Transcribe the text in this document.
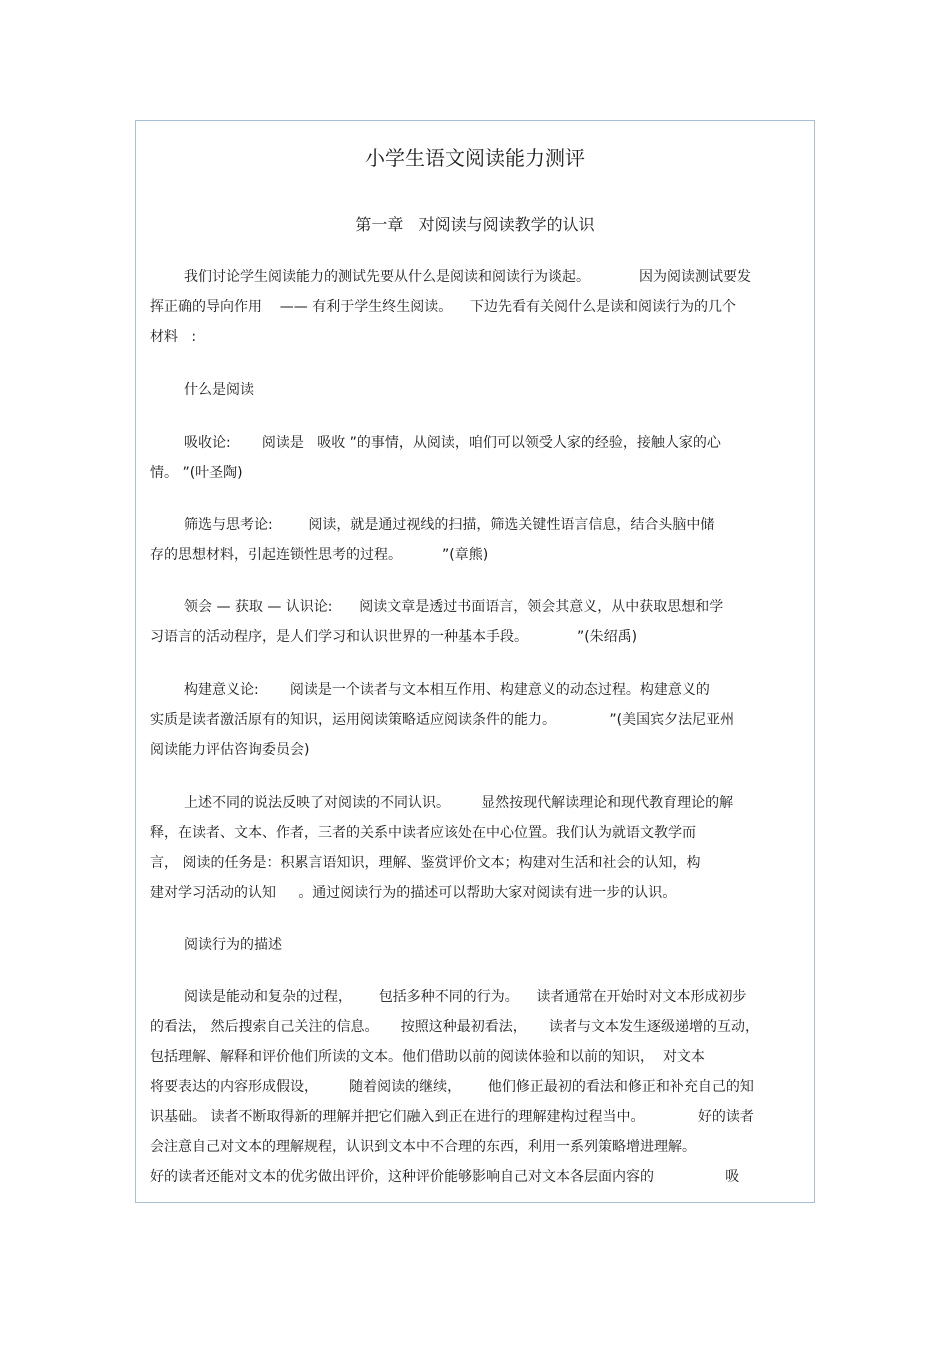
小学生语文阅读能力测评
第一章   对阅读与阅读教学的认识
我们讨论学生阅读能力的测试先要从什么是阅读和阅读行为谈起。           因为阅读测试要发
挥正确的导向作用    —— 有利于学生终生阅读。    下边先看有关阅什么是读和阅读行为的几个
材料   :
什么是阅读
吸收论:       阅读是   吸收 ”的事情，从阅读，咱们可以领受人家的经验，接触人家的心
情。 ”(叶圣陶)
筛选与思考论:        阅读，就是通过视线的扫描，筛选关键性语言信息，结合头脑中储
存的思想材料，引起连锁性思考的过程。         ”(章熊)
领会 — 获取 — 认识论:      阅读文章是透过书面语言，领会其意义，从中获取思想和学
习语言的活动程序，是人们学习和认识世界的一种基本手段。           ”(朱绍禹)
构建意义论:       阅读是一个读者与文本相互作用、构建意义的动态过程。构建意义的
实质是读者激活原有的知识，运用阅读策略适应阅读条件的能力。            ”(美国宾夕法尼亚州
阅读能力评估咨询委员会)
上述不同的说法反映了对阅读的不同认识。       显然按现代解读理论和现代教育理论的解
释，在读者、文本、作者，三者的关系中读者应该处在中心位置。我们认为就语文教学而
言， 阅读的任务是：积累言语知识，理解、鉴赏评价文本；构建对生活和社会的认知，构
建对学习活动的认知     。通过阅读行为的描述可以帮助大家对阅读有进一步的认识。
阅读行为的描述
阅读是能动和复杂的过程，      包括多种不同的行为。    读者通常在开始时对文本形成初步
的看法， 然后搜索自己关注的信息。     按照这种最初看法，     读者与文本发生逐级递增的互动，
包括理解、解释和评价他们所读的文本。他们借助以前的阅读体验和以前的知识，  对文本
将要表达的内容形成假设，       随着阅读的继续，      他们修正最初的看法和修正和补充自己的知
识基础。 读者不断取得新的理解并把它们融入到正在进行的理解建构过程当中。            好的读者
会注意自己对文本的理解规程，认识到文本中不合理的东西，利用一系列策略增进理解。
好的读者还能对文本的优劣做出评价，这种评价能够影响自己对文本各层面内容的                吸
